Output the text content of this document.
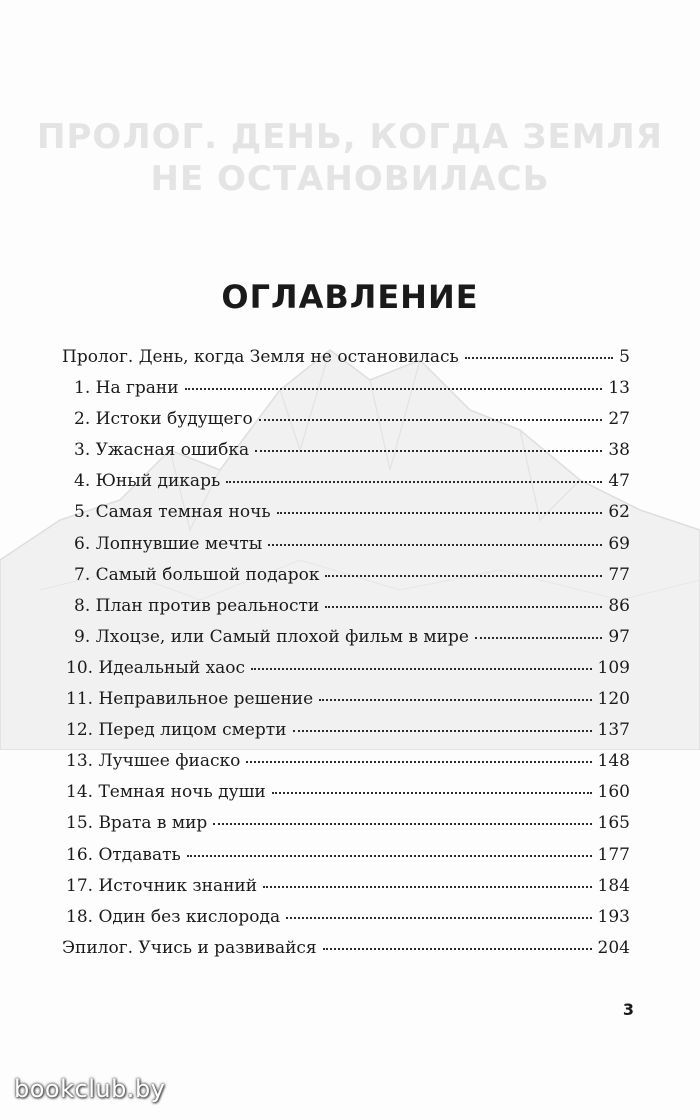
ПРОЛОГ. ДЕНЬ, КОГДА ЗЕМЛЯ
НЕ ОСТАНОВИЛАСЬ
ОГЛАВЛЕНИЕ
Пролог. День, когда Земля не остановилась	5
1. На грани	13
2. Истоки будущего	27
3. Ужасная ошибка	38
4. Юный дикарь	47
5. Самая темная ночь	62
6. Лопнувшие мечты	69
7. Самый большой подарок	77
8. План против реальности	86
9. Лхоцзе, или Самый плохой фильм в мире	97
10. Идеальный хаос	109
11. Неправильное решение	120
12. Перед лицом смерти	137
13. Лучшее фиаско	148
14. Темная ночь души	160
15. Врата в мир	165
16. Отдавать	177
17. Источник знаний	184
18. Один без кислорода	193
Эпилог. Учись и развивайся	204
3
bookclub.by
